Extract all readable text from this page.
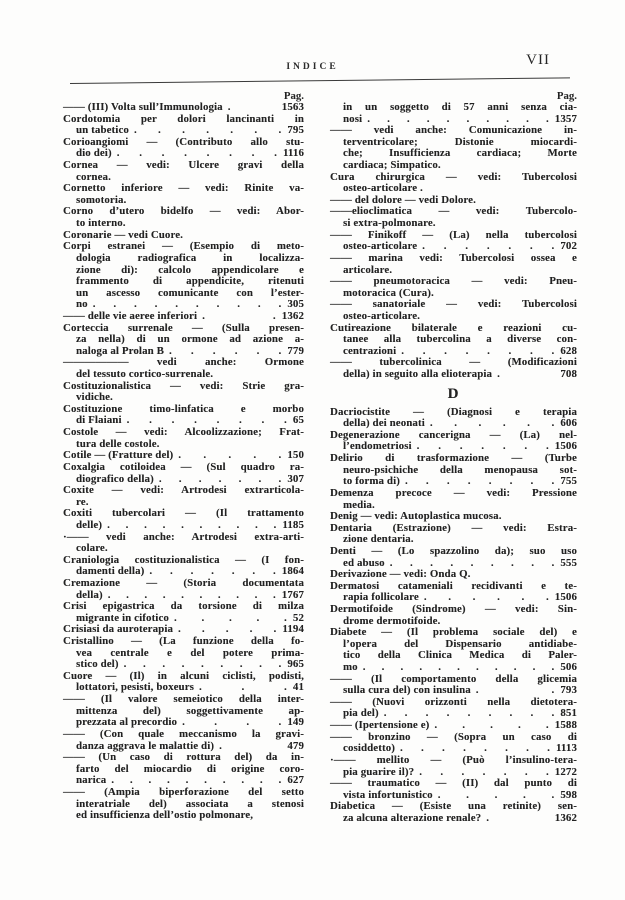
INDICE	VII
Pag.
—— (III) Volta sull’Immunologia .	1563
Cordotomia per dolori lancinanti in
un tabetico . . . . . . . 795
Corioangiomi — (Contributo allo stu-
dio dei) . . . . . . . . 1116
Cornea — vedi: Ulcere gravi della
cornea.
Cornetto inferiore — vedi: Rinite va-
somotoria.
Corno d’utero bidelfo — vedi: Abor-
to interno.
Coronarie — vedi Cuore.
Corpi estranei — (Esempio di meto-
dologia radiografica in localizza-
zione di): calcolo appendicolare e
frammento di appendicite, ritenuti
un ascesso comunicante con l’ester-
no . . . . . . . . . . 305
—— delle vie aeree inferiori . . 1362
Corteccia surrenale — (Sulla presen-
za nella) di un ormone ad azione a-
naloga al Prolan B . . . . . . 779
—————— vedi anche: Ormone
del tessuto cortico-surrenale.
Costituzionalistica — vedi: Strie gra-
vidiche.
Costituzione timo-linfatica e morbo
di Flaiani . . . . . . . . 65
Costole — vedi: Alcoolizzazione; Frat-
tura delle costole.
Cotile — (Fratture del) . . . . . 150
Coxalgia cotiloidea — (Sul quadro ra-
diografico della) . . . . . . . 307
Coxite — vedi: Artrodesi extrarticola-
re.
Coxiti tubercolari — (Il trattamento
delle) . . . . . . . . . . 1185
·—— vedi anche: Artrodesi extra-arti-
colare.
Craniologia costituzionalistica — (I fon-
damenti della) . . . . . . . 1864
Cremazione — (Storia documentata
della) . . . . . . . . . . 1767
Crisi epigastrica da torsione di milza
migrante in cifotico . . . . . 52
Crisiasi da auroterapia . . . . . 1194
Cristallino — (La funzione della fo-
vea centrale e del potere prima-
stico del) . . . . . . . . . 965
Cuore — (Il) in alcuni ciclisti, podisti,
lottatori, pesisti, boxeurs . . . 41
—— (Il valore semeiotico della inter-
mittenza del) soggettivamente ap-
prezzata al precordio . . . . 149
—— (Con quale meccanismo la gravi-
danza aggrava le malattie di) .	479
—— (Un caso di rottura del) da in-
farto del miocardio di origine coro-
narica . . . . . . . . . . 627
—— (Ampia biperforazione del setto
interatriale del) associata a stenosi
ed insufficienza dell’ostio polmonare,
Pag.
in un soggetto di 57 anni senza cia-
nosi . . . . . . . . . . 1357
—— vedi anche: Comunicazione in-
terventricolare; Distonie miocardi-
che; Insufficienza cardiaca; Morte
cardiaca; Simpatico.
Cura chirurgica — vedi: Tubercolosi
osteo-articolare .
—— del dolore — vedi Dolore.
——elioclimatica — vedi: Tubercolo-
si extra-polmonare.
—— Finikoff — (La) nella tubercolosi
osteo-articolare . . . . . . . 702
—— marina vedi: Tubercolosi ossea e
articolare.
—— pneumotoracica — vedi: Pneu-
motoracica (Cura).
—— sanatoriale — vedi: Tubercolosi
osteo-articolare.
Cutireazione bilaterale e reazioni cu-
tanee alla tubercolina a diverse con-
centrazioni . . . . . . . . 628
—— tubercolinica — (Modificazioni
della) in seguito alla elioterapia .	708
D
Dacriocistite — (Diagnosi e terapia
della) dei neonati . . . . . . 606
Degenerazione cancerigna — (La) nel-
l’endometriosi . . . . . . . 1506
Delirio di trasformazione — (Turbe
neuro-psichiche della menopausa sot-
to forma di) . . . . . . . . 755
Demenza precoce — vedi: Pressione
media.
Denig — vedi: Autoplastica mucosa.
Dentaria (Estrazione) — vedi: Estra-
zione dentaria.
Denti — (Lo spazzolino da); suo uso
ed abuso . . . . . . . . . 555
Derivazione — vedi: Onda Q.
Dermatosi catameniali recidivanti e te-
rapia follicolare . . . . . . 1506
Dermotifoide (Sindrome) — vedi: Sin-
drome dermotifoide.
Diabete — (Il problema sociale del) e
l’opera del Dispensario antidiabe-
tico della Clinica Medica di Paler-
mo . . . . . . . . . . . 506
—— (Il comportamento della glicemia
sulla cura del) con insulina . . 793
—— (Nuovi orizzonti nella dietotera-
pia del) . . . . . . . . . 851
—— (Ipertensione e) . . . . . 1588
—— bronzino — (Sopra un caso di
cosiddetto) . . . . . . . . 1113
·—— mellito — (Può l’insulino-tera-
pia guarire il)? . . . . . . . 1272
—— traumatico — (II) dal punto di
vista infortunistico . . . . . 598
Diabetica — (Esiste una retinite) sen-
za alcuna alterazione renale? .	1362
